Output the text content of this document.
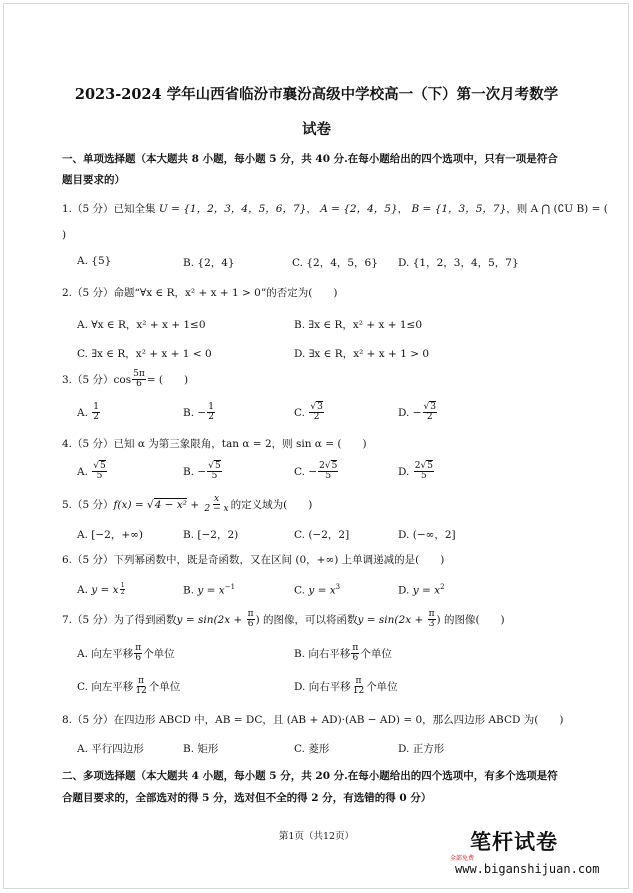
2023-2024 学年山西省临汾市襄汾高级中学校高一（下）第一次月考数学
试卷
一、单项选择题（本大题共 8 小题，每小题 5 分，共 40 分.在每小题给出的四个选项中，只有一项是符合
题目要求的）
1.（5 分）已知全集 U = {1，2，3，4，5，6，7}， A = {2，4，5}， B = {1，3，5，7}，则 A ⋂ (∁U B) = (
)
A. {5}	B. {2，4}	C. {2，4，5，6} D. {1，2，3，4，5，7}
2.（5 分）命题“∀x ∈ R，x² + x + 1 > 0”的否定为(　　)
A. ∀x ∈ R，x² + x + 1≤0	B. ∃x ∈ R，x² + x + 1≤0
C. ∃x ∈ R，x² + x + 1 < 0	D. ∃x ∈ R，x² + x + 1 > 0
3.（5 分）$\cos \frac{5\pi}{6}$ = (　　)
A. $\frac{1}{2}$	B. − $\frac{1}{2}$	C. $\frac{√3}{2}$	D. − $\frac{√3}{2}$
4.（5 分）已知 α 为第三象限角，tan α = 2，则 sin α = (　　)
A. $\frac{√5}{5}$	B. − $\frac{√5}{5}$	C. − $\frac{2√5}{5}$	D. $\frac{2√5}{5}$
5.（5 分）$f(x) = √4 - x^2 + \frac{x}{2 - x}$ 的定义域为(　　)
A. [−2，+∞)	B. [−2，2)	C. (−2，2]	D. (−∞，2]
6.（5 分）下列幂函数中，既是奇函数，又在区间 (0，+∞) 上单调递减的是(　　)
A. y = x $\frac{1}{2}$	B. $y = x^{-1}$	C. $y = x^3$	D. $y = x^2$
7.（5 分）为了得到函数$y = \sin(2x + \frac{\pi}{6}$ ) 的图像，可以将函数$y = \sin(2x + \frac{\pi}{3}$ ) 的图像(　　)
A. 向左平移 $\frac{\pi}{6}$ 个单位	B. 向右平移 $\frac{\pi}{6}$ 个单位
C. 向左平移 $\frac{\pi}{12}$ 个单位	D. 向右平移 $\frac{\pi}{12}$ 个单位
8.（5 分）在四边形 ABCD 中，AB = DC，且 (AB + AD)·(AB − AD) = 0，那么四边形 ABCD 为(　　)
A. 平行四边形	B. 矩形	C. 菱形	D. 正方形
二、多项选择题（本大题共 4 小题，每小题 5 分，共 20 分.在每小题给出的四个选项中，有多个选项是符
合题目要求的，全部选对的得 5 分，选对但不全的得 2 分，有选错的得 0 分）
第1页（共12页）	笔杆试卷
全部免费
www.biganshijuan.com
